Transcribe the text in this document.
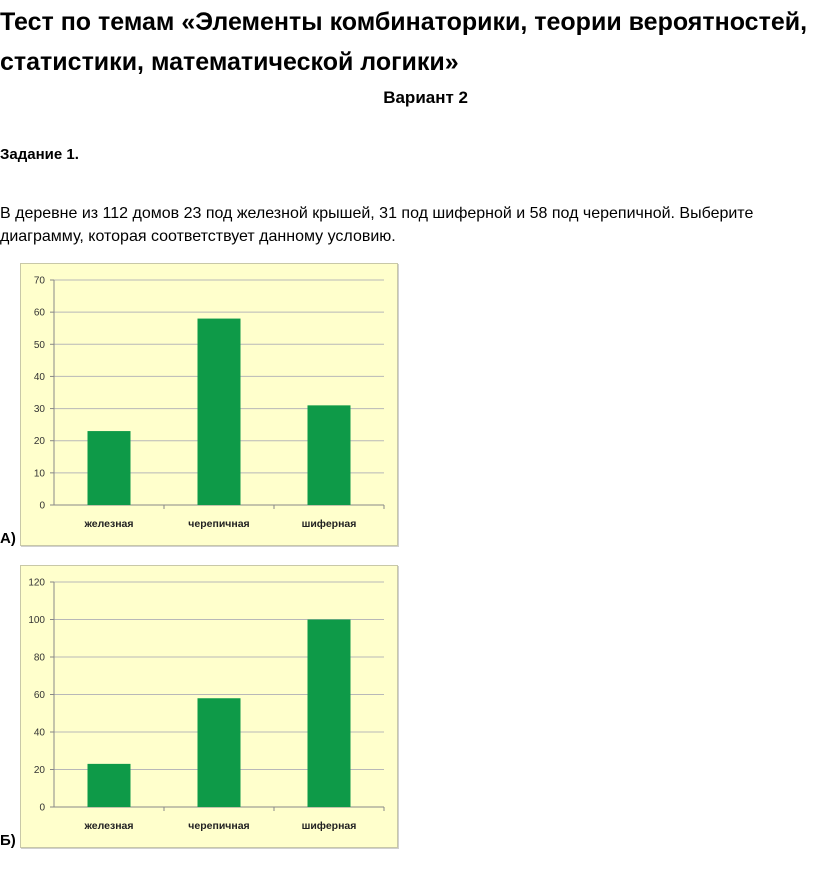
Тест по темам «Элементы комбинаторики, теории вероятностей, статистики, математической логики»
Вариант 2
Задание 1.
В деревне из 112 домов 23 под железной крышей, 31 под шиферной и 58 под черепичной. Выберите диаграмму, которая соответствует данному условию.
0
10
20
30
40
50
60
70
железная	черепичная	шиферная
А)
0
20
40
60
80
100
120
железная	черепичная	шиферная
Б)
